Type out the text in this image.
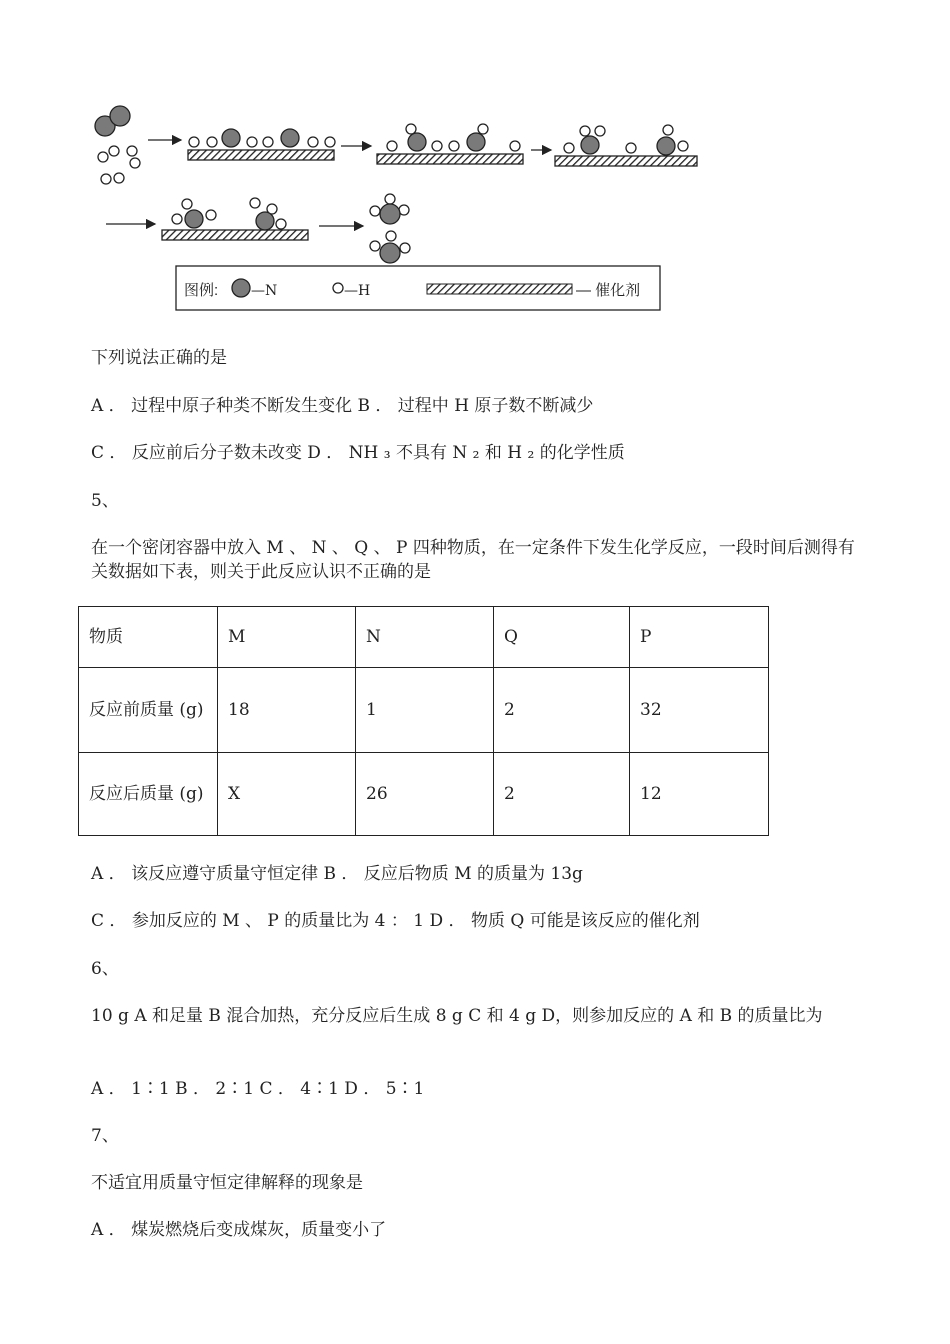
图例: —N	—H	— 催化剂
下列说法正确的是
A ． 过程中原子种类不断发生变化 B ． 过程中 H 原子数不断减少
C ． 反应前后分子数未改变 D ． NH ₃ 不具有 N ₂ 和 H ₂ 的化学性质
5、
在一个密闭容器中放入 M 、 N 、 Q 、 P 四种物质，在一定条件下发生化学反应，一段时间后测得有关数据如下表，则关于此反应认识不正确的是
物质	M	N	Q	P
反应前质量 (g)	18	1	2	32
反应后质量 (g)	X	26	2	12
A ． 该反应遵守质量守恒定律 B ． 反应后物质 M 的质量为 13g
C ． 参加反应的 M 、 P 的质量比为 4 ： 1 D ． 物质 Q 可能是该反应的催化剂
6、
10 g A 和足量 B 混合加热，充分反应后生成 8 g C 和 4 g D，则参加反应的 A 和 B 的质量比为
A ． 1∶1 B ． 2∶1 C ． 4∶1 D ． 5∶1
7、
不适宜用质量守恒定律解释的现象是
A ． 煤炭燃烧后变成煤灰，质量变小了
